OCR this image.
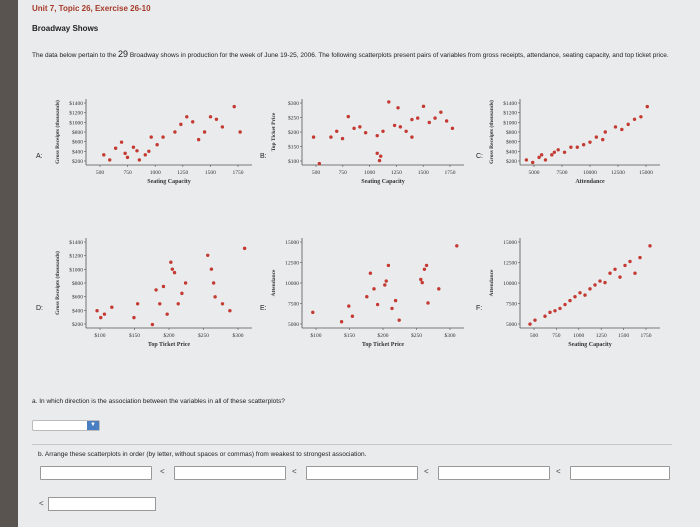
Unit 7, Topic 26, Exercise 26-10
Broadway Shows
The data below pertain to the 29 Broadway shows in production for the week of June 19-25, 2006. The following scatterplots present pairs of variables from gross receipts, attendance, seating capacity, and top ticket price.
A:
$1400
$1200
$1000
$800
$600
$400
$200
500	750	1000	1250	1500	1750
Seating Capacity
Gross Receipts (thousands)	B:
$300
$250
$200
$150
$100
500	750	1000	1250	1500	1750
Seating Capacity
Top Ticket Price
C:
$1400
$1200
$1000
$800
$600
$400
$200
5000	7500	10000	12500	15000
Attendance
Gross Receipts (thousands)
D:
$1400
$1200
$1000
$800
$600
$400
$200
$100	$150	$200	$250	$300
Top Ticket Price
Gross Receipts (thousands)	E:
15000
12500
10000
7500
5000
$100	$150	$200	$250	$300
Top Ticket Price
Attendance
F:
15000
12500
10000
7500
5000
500	750 1000 1250 1500 1750
Seating Capacity
Attendance
a. In which direction is the association between the variables in all of these scatterplots?
▼
b. Arrange these scatterplots in order (by letter, without spaces or commas) from weakest to strongest association.
<	<	<	<
<
